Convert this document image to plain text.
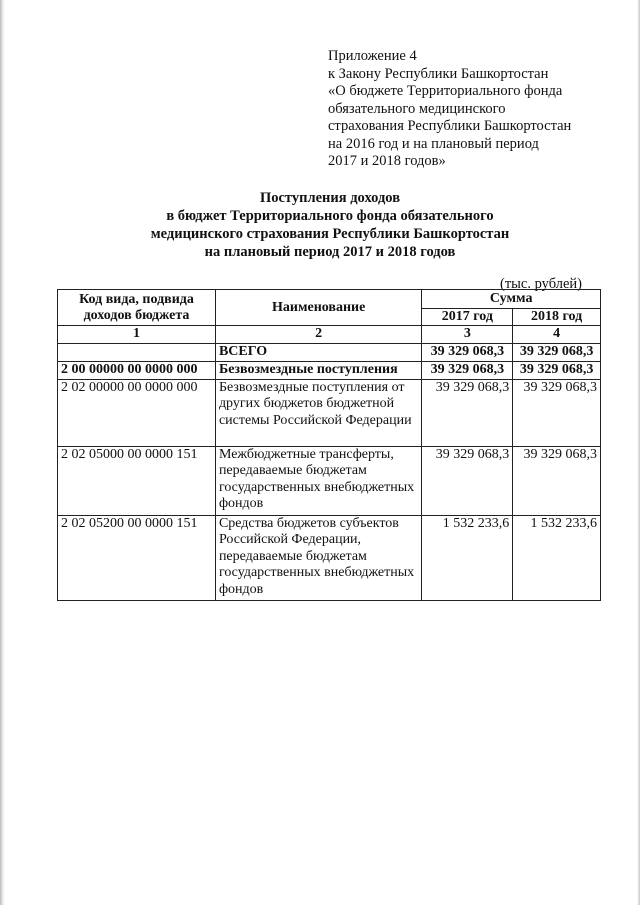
Приложение 4
к Закону Республики Башкортостан
«О бюджете Территориального фонда
обязательного медицинского
страхования Республики Башкортостан
на 2016 год и на плановый период
2017 и 2018 годов»
Поступления доходов
в бюджет Территориального фонда обязательного
медицинского страхования Республики Башкортостан
на плановый период 2017 и 2018 годов
(тыс. рублей)
Код вида, подвида доходов бюджета	Наименование	Сумма	
		2017 год	2018 год
1	2	3	4
	ВСЕГО	39 329 068,3	39 329 068,3
2 00 00000 00 0000 000	Безвозмездные поступления	39 329 068,3	39 329 068,3
2 02 00000 00 0000 000	Безвозмездные поступления от других бюджетов бюджетной системы Российской Федерации	39 329 068,3	39 329 068,3
2 02 05000 00 0000 151	Межбюджетные трансферты, передаваемые бюджетам государственных внебюджетных фондов	39 329 068,3	39 329 068,3
2 02 05200 00 0000 151	Средства бюджетов субъектов Российской Федерации, передаваемые бюджетам государственных внебюджетных фондов	1 532 233,6	1 532 233,6
